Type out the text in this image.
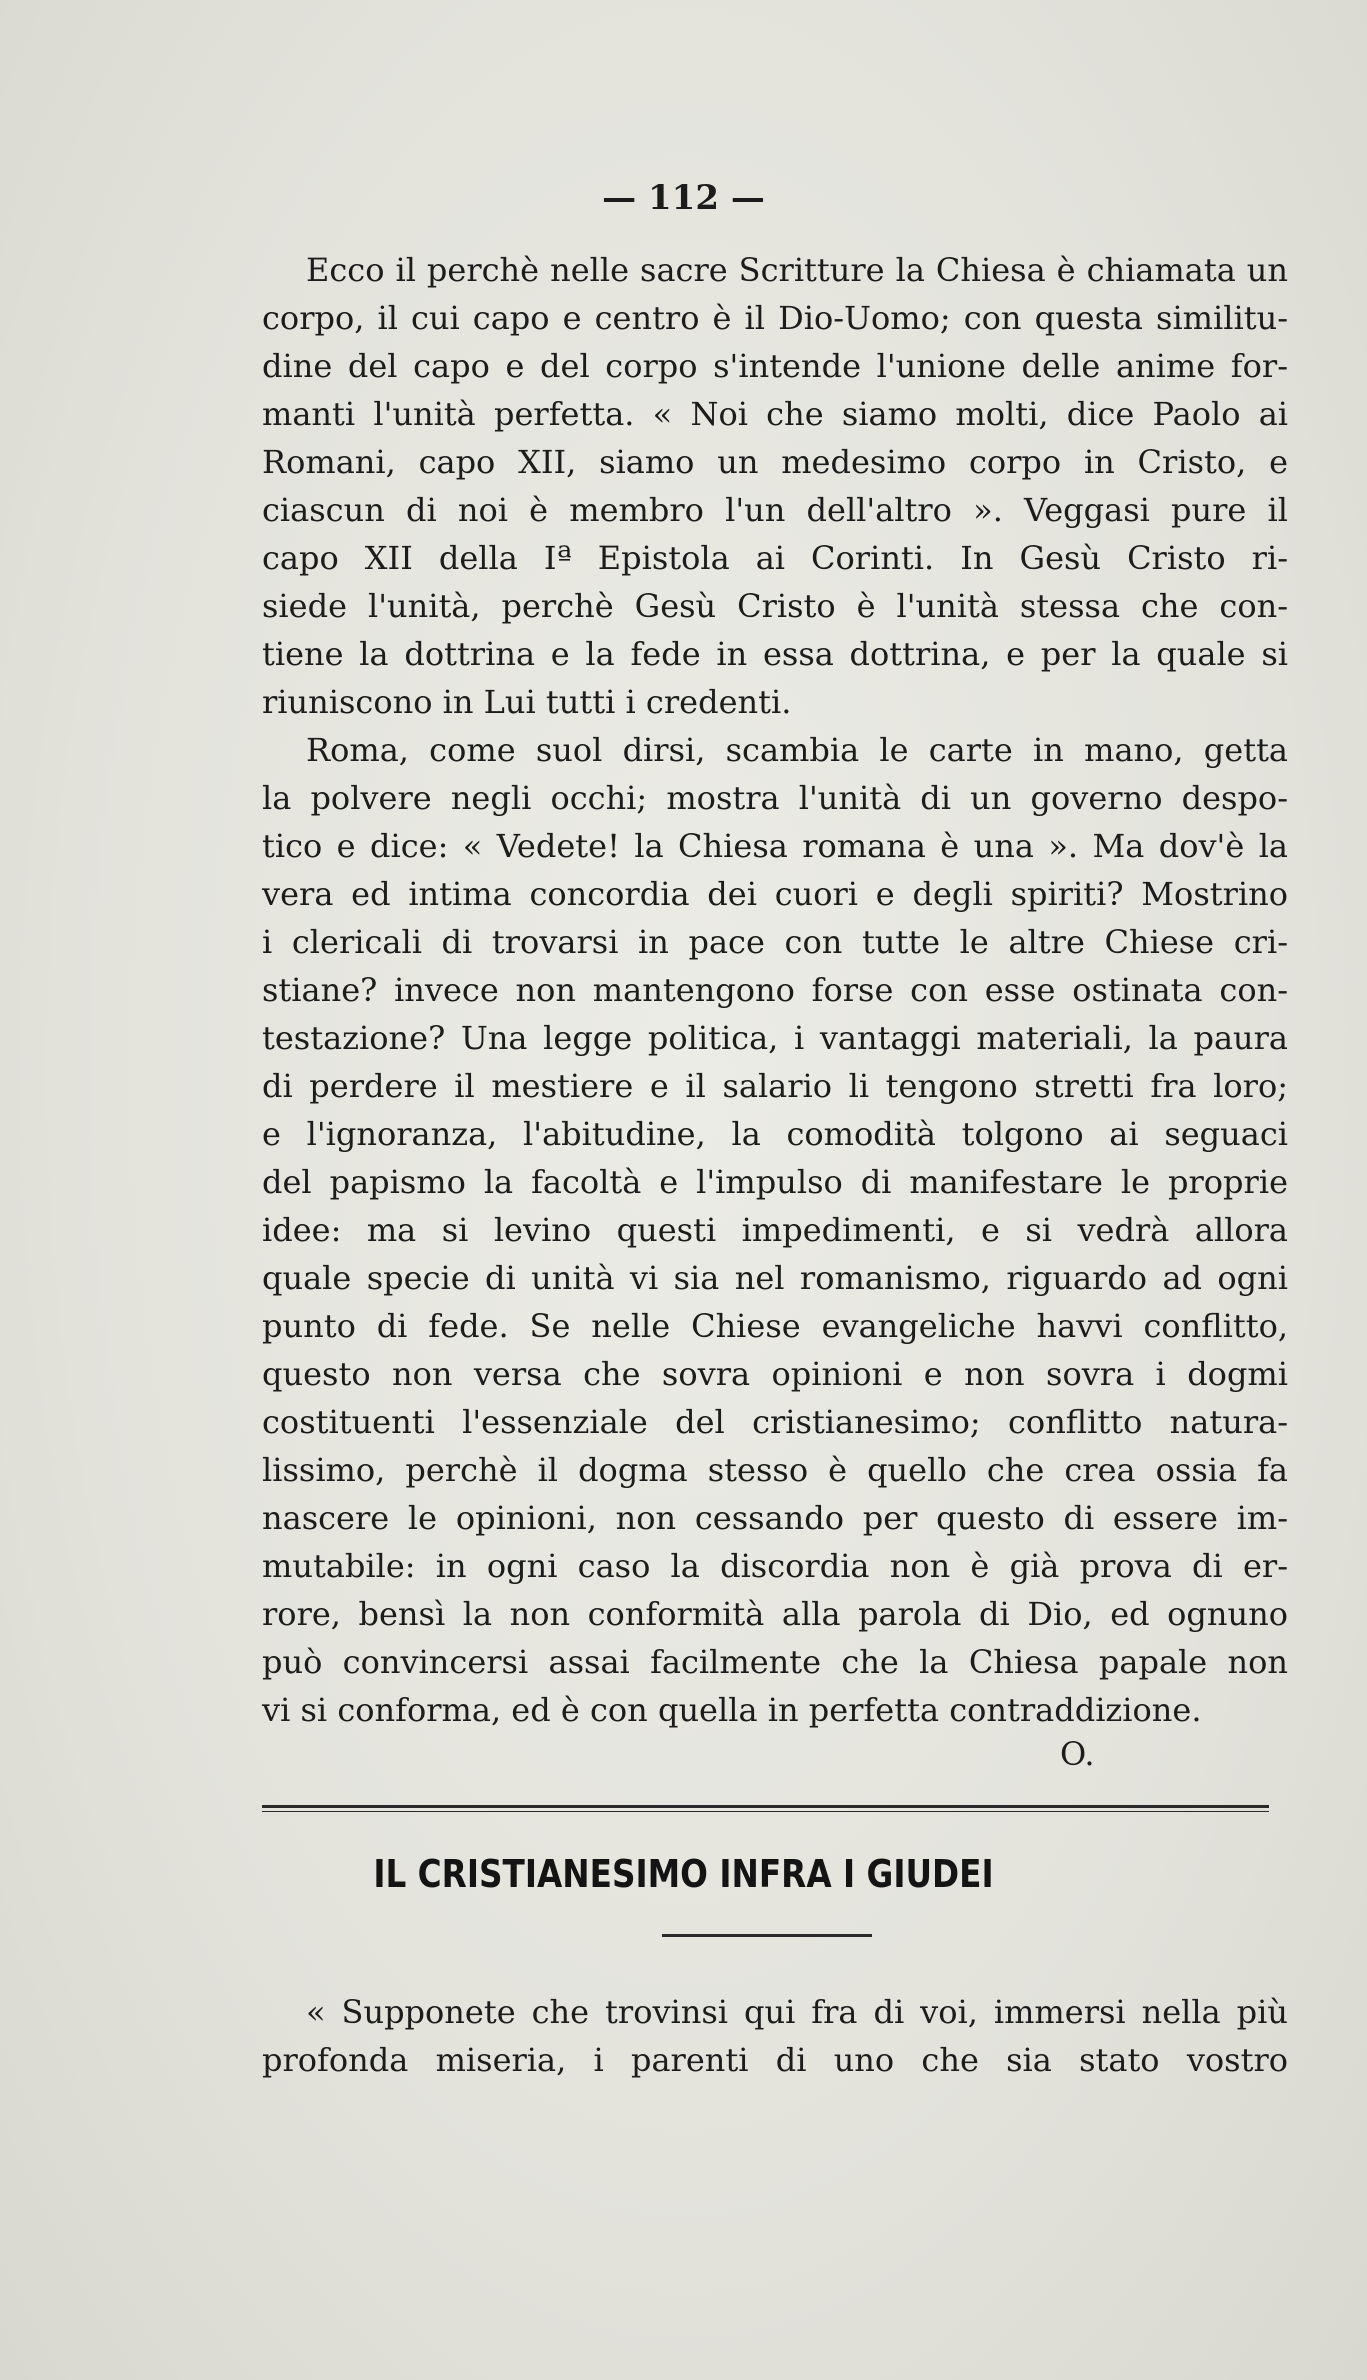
— 112 —
Ecco il perchè nelle sacre Scritture la Chiesa è chiamata un
corpo, il cui capo e centro è il Dio-Uomo; con questa similitu-
dine del capo e del corpo s'intende l'unione delle anime for-
manti l'unità perfetta. « Noi che siamo molti, dice Paolo ai
Romani, capo XII, siamo un medesimo corpo in Cristo, e
ciascun di noi è membro l'un dell'altro ». Veggasi pure il
capo XII della Iª Epistola ai Corinti. In Gesù Cristo ri-
siede l'unità, perchè Gesù Cristo è l'unità stessa che con-
tiene la dottrina e la fede in essa dottrina, e per la quale si
riuniscono in Lui tutti i credenti.
Roma, come suol dirsi, scambia le carte in mano, getta
la polvere negli occhi; mostra l'unità di un governo despo-
tico e dice: « Vedete! la Chiesa romana è una ». Ma dov'è la
vera ed intima concordia dei cuori e degli spiriti? Mostrino
i clericali di trovarsi in pace con tutte le altre Chiese cri-
stiane? invece non mantengono forse con esse ostinata con-
testazione? Una legge politica, i vantaggi materiali, la paura
di perdere il mestiere e il salario li tengono stretti fra loro;
e l'ignoranza, l'abitudine, la comodità tolgono ai seguaci
del papismo la facoltà e l'impulso di manifestare le proprie
idee: ma si levino questi impedimenti, e si vedrà allora
quale specie di unità vi sia nel romanismo, riguardo ad ogni
punto di fede. Se nelle Chiese evangeliche havvi conflitto,
questo non versa che sovra opinioni e non sovra i dogmi
costituenti l'essenziale del cristianesimo; conflitto natura-
lissimo, perchè il dogma stesso è quello che crea ossia fa
nascere le opinioni, non cessando per questo di essere im-
mutabile: in ogni caso la discordia non è già prova di er-
rore, bensì la non conformità alla parola di Dio, ed ognuno
può convincersi assai facilmente che la Chiesa papale non
vi si conforma, ed è con quella in perfetta contraddizione.
O.
IL CRISTIANESIMO INFRA I GIUDEI
« Supponete che trovinsi qui fra di voi, immersi nella più
profonda miseria, i parenti di uno che sia stato vostro
